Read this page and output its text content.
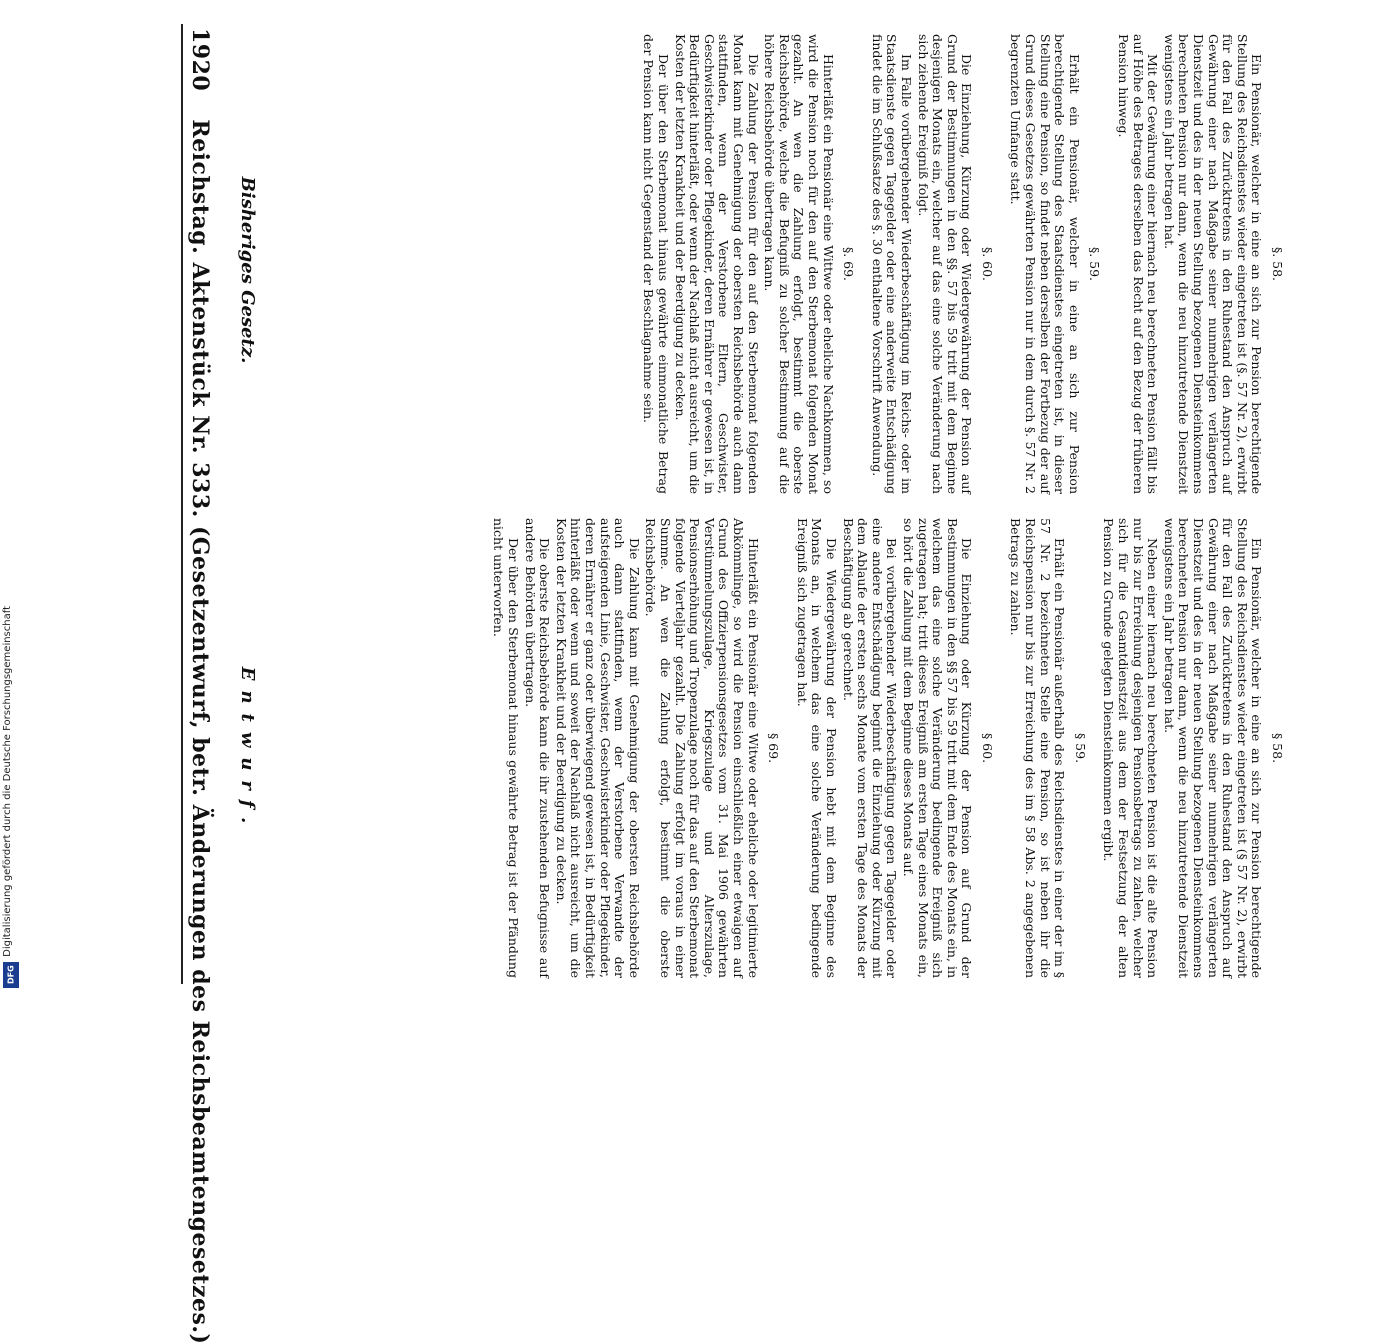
Digitalisierung gefördert durch die Deutsche Forschungsgemeinschaft
DFG
1920 Reichstag. Aktenstück Nr. 333. (Gesetzentwurf, betr. Änderungen des Reichsbeamtengesetzes.) Bisheriges Gesetz.
Entwurf.
§. 58.

Ein Pensionär, welcher in eine an sich zur Pension berechtigende Stellung des Reichsdienstes wieder eingetreten ist (§. 57 Nr. 2), erwirbt für den Fall des Zurücktretens in den Ruhestand den Anspruch auf Gewährung einer nach Maßgabe seiner nunmehrigen verlängerten Dienstzeit und des in der neuen Stellung bezogenen Diensteinkommens berechneten Pension nur dann, wenn die neu hinzutretende Dienstzeit wenigstens ein Jahr betragen hat.

Mit der Gewährung einer hiernach neu berechneten Pension fällt bis auf Höhe des Betrages derselben das Recht auf den Bezug der früheren Pension hinweg.

§. 59.

Erhält ein Pensionär, welcher in eine an sich zur Pension berechtigende Stellung des Staatsdienstes eingetreten ist, in dieser Stellung eine Pension, so findet neben derselben der Fortbezug der auf Grund dieses Gesetzes gewährten Pension nur in dem durch §. 57 Nr. 2 begrenzten Umfange statt.

§. 60.

Die Einziehung, Kürzung oder Wiedergewährung der Pension auf Grund der Bestimmungen in den §§. 57 bis 59 tritt mit dem Beginne desjenigen Monats ein, welcher auf das eine solche Veränderung nach sich ziehende Ereigniß folgt.

Im Falle vorübergehender Wiederbeschäftigung im Reichs- oder im Staatsdienste gegen Tagegelder oder eine anderweite Entschädigung findet die im Schlußsatze des §. 30 enthaltene Vorschrift Anwendung.

§. 69.

Hinterläßt ein Pensionär eine Wittwe oder eheliche Nachkommen, so wird die Pension noch für den auf den Sterbemonat folgenden Monat gezahlt. An wen die Zahlung erfolgt, bestimmt die oberste Reichsbehörde, welche die Befugniß zu solcher Bestimmung auf die höhere Reichsbehörde übertragen kann.

Die Zahlung der Pension für den auf den Sterbemonat folgenden Monat kann mit Genehmigung der obersten Reichsbehörde auch dann stattfinden, wenn der Verstorbene Eltern, Geschwister, Geschwisterkinder oder Pflegekinder, deren Ernährer er gewesen ist, in Bedürftigkeit hinterläßt, oder wenn der Nachlaß nicht ausreicht, um die Kosten der letzten Krankheit und der Beerdigung zu decken.

Der über den Sterbemonat hinaus gewährte einmonatliche Betrag der Pension kann nicht Gegenstand der Beschlagnahme sein.

§ 58.

Ein Pensionär, welcher in eine an sich zur Pension berechtigende Stellung des Reichsdienstes wieder eingetreten ist (§ 57 Nr. 2), erwirbt für den Fall des Zurücktretens in den Ruhestand den Anspruch auf Gewährung einer nach Maßgabe seiner nunmehrigen verlängerten Dienstzeit und des in der neuen Stellung bezogenen Diensteinkommens berechneten Pension nur dann, wenn die neu hinzutretende Dienstzeit wenigstens ein Jahr betragen hat.

Neben einer hiernach neu berechneten Pension ist die alte Pension nur bis zur Erreichung desjenigen Pensionsbetrags zu zahlen, welcher sich für die Gesamtdienstzeit aus dem der Festsetzung der alten Pension zu Grunde gelegten Diensteinkommen ergibt.

§ 59.

Erhält ein Pensionär außerhalb des Reichsdienstes in einer der im § 57 Nr. 2 bezeichneten Stelle eine Pension, so ist neben ihr die Reichspension nur bis zur Erreichung des im § 58 Abs. 2 angegebenen Betrags zu zahlen.

§ 60.

Die Einziehung oder Kürzung der Pension auf Grund der Bestimmungen in den §§ 57 bis 59 tritt mit dem Ende des Monats ein, in welchem das eine solche Veränderung bedingende Ereigniß sich zugetragen hat; tritt dieses Ereigniß am ersten Tage eines Monats ein, so hört die Zahlung mit dem Beginne dieses Monats auf.

Bei vorübergehender Wiederbeschäftigung gegen Tagegelder oder eine andere Entschädigung beginnt die Einziehung oder Kürzung mit dem Ablaufe der ersten sechs Monate vom ersten Tage des Monats der Beschäftigung ab gerechnet.

Die Wiedergewährung der Pension hebt mit dem Beginne des Monats an, in welchem das eine solche Veränderung bedingende Ereigniß sich zugetragen hat.

§ 69.

Hinterläßt ein Pensionär eine Witwe oder eheliche oder legitimierte Abkömmlinge, so wird die Pension einschließlich einer etwaigen auf Grund des Offizierpensionsgesetzes vom 31. Mai 1906 gewährten Verstümmelungszulage, Kriegszulage und Alterszulage, Pensionserhöhung und Tropenzulage noch für das auf den Sterbemonat folgende Vierteljahr gezahlt. Die Zahlung erfolgt im voraus in einer Summe. An wen die Zahlung erfolgt, bestimmt die oberste Reichsbehörde.

Die Zahlung kann mit Genehmigung der obersten Reichsbehörde auch dann stattfinden, wenn der Verstorbene Verwandte der aufsteigenden Linie, Geschwister, Geschwisterkinder oder Pflegekinder, deren Ernährer er ganz oder überwiegend gewesen ist, in Bedürftigkeit hinterläßt oder wenn und soweit der Nachlaß nicht ausreicht, um die Kosten der letzten Krankheit und der Beerdigung zu decken.

Die oberste Reichsbehörde kann die ihr zustehenden Befugnisse auf andere Behörden übertragen.

Der über den Sterbemonat hinaus gewährte Betrag ist der Pfändung nicht unterworfen.
